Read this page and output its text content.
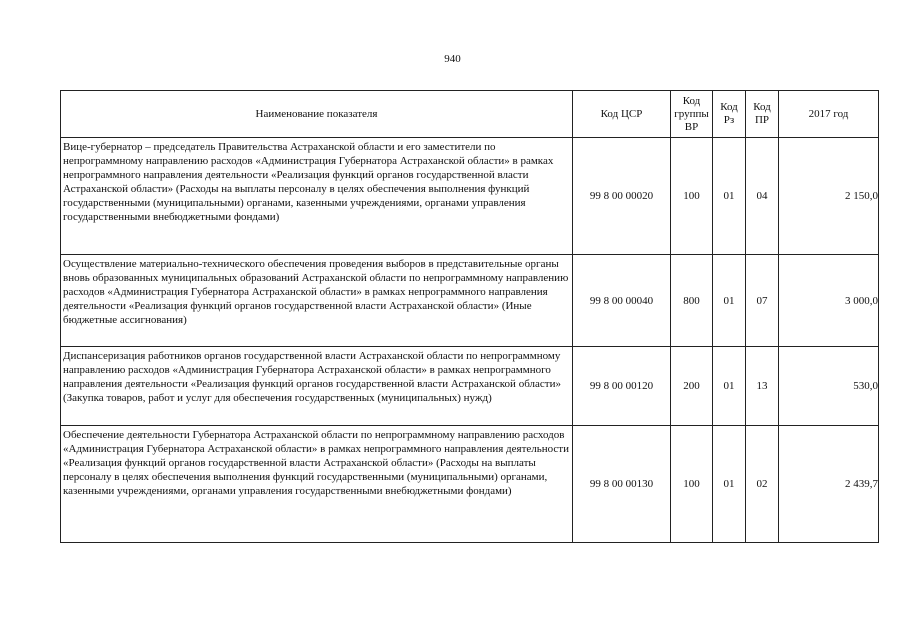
940
Наименование показателя	Код ЦСР	Код группы ВР	Код Рз	Код ПР	2017 год
Вице-губернатор – председатель Правительства Астраханской области и его заместители по непрограммному направлению расходов «Администрация Губернатора Астраханской области» в рамках непрограммного направления деятельности «Реализация функций органов государственной власти Астраханской области» (Расходы на выплаты персоналу в целях обеспечения выполнения функций государственными (муниципальными) органами, казенными учреждениями, органами управления государственными внебюджетными фондами)	99 8 00 00020	100	01	04	2 150,0
Осуществление материально-технического обеспечения проведения выборов в представительные органы вновь образованных муниципальных образований Астраханской области по непрограммному направлению расходов «Администрация Губернатора Астраханской области» в рамках непрограммного направления деятельности «Реализация функций органов государственной власти Астраханской области» (Иные бюджетные ассигнования)	99 8 00 00040	800	01	07	3 000,0
Диспансеризация работников органов государственной власти Астраханской области по непрограммному направлению расходов «Администрация Губернатора Астраханской области» в рамках непрограммного направления деятельности «Реализация функций органов государственной власти Астраханской области» (Закупка товаров, работ и услуг для обеспечения государственных (муниципальных) нужд)	99 8 00 00120	200	01	13	530,0
Обеспечение деятельности Губернатора Астраханской области по непрограммному направлению расходов «Администрация Губернатора Астраханской области» в рамках непрограммного направления деятельности «Реализация функций органов государственной власти Астраханской области» (Расходы на выплаты персоналу в целях обеспечения выполнения функций государственными (муниципальными) органами, казенными учреждениями, органами управления государственными внебюджетными фондами)	99 8 00 00130	100	01	02	2 439,7
